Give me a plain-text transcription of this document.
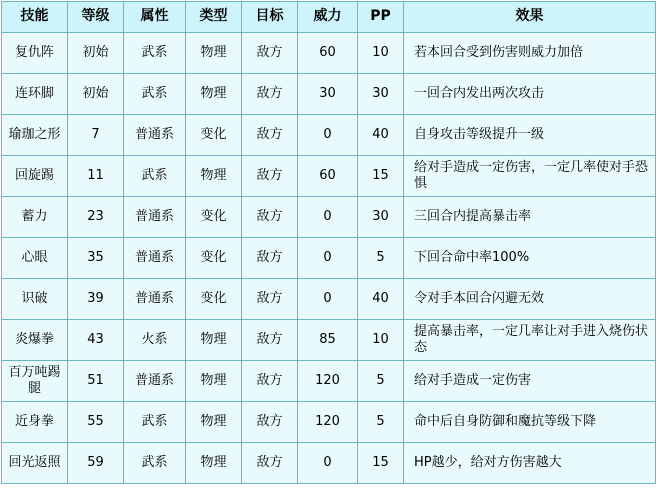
技能	等级	属性	类型	目标	威力	PP	效果
复仇阵	初始	武系	物理	敌方	60	10	若本回合受到伤害则威力加倍
连环脚	初始	武系	物理	敌方	30	30	一回合内发出两次攻击
瑜珈之形	7	普通系	变化	敌方	0	40	自身攻击等级提升一级
回旋踢	11	武系	物理	敌方	60	15	给对手造成一定伤害，一定几率使对手恐惧
蓄力	23	普通系	变化	敌方	0	30	三回合内提高暴击率
心眼	35	普通系	变化	敌方	0	5	下回合命中率100%
识破	39	普通系	变化	敌方	0	40	令对手本回合闪避无效
炎爆拳	43	火系	物理	敌方	85	10	提高暴击率，一定几率让对手进入烧伤状态
百万吨踢腿	51	普通系	物理	敌方	120	5	给对手造成一定伤害
近身拳	55	武系	物理	敌方	120	5	命中后自身防御和魔抗等级下降
回光返照	59	武系	物理	敌方	0	15	HP越少，给对方伤害越大
